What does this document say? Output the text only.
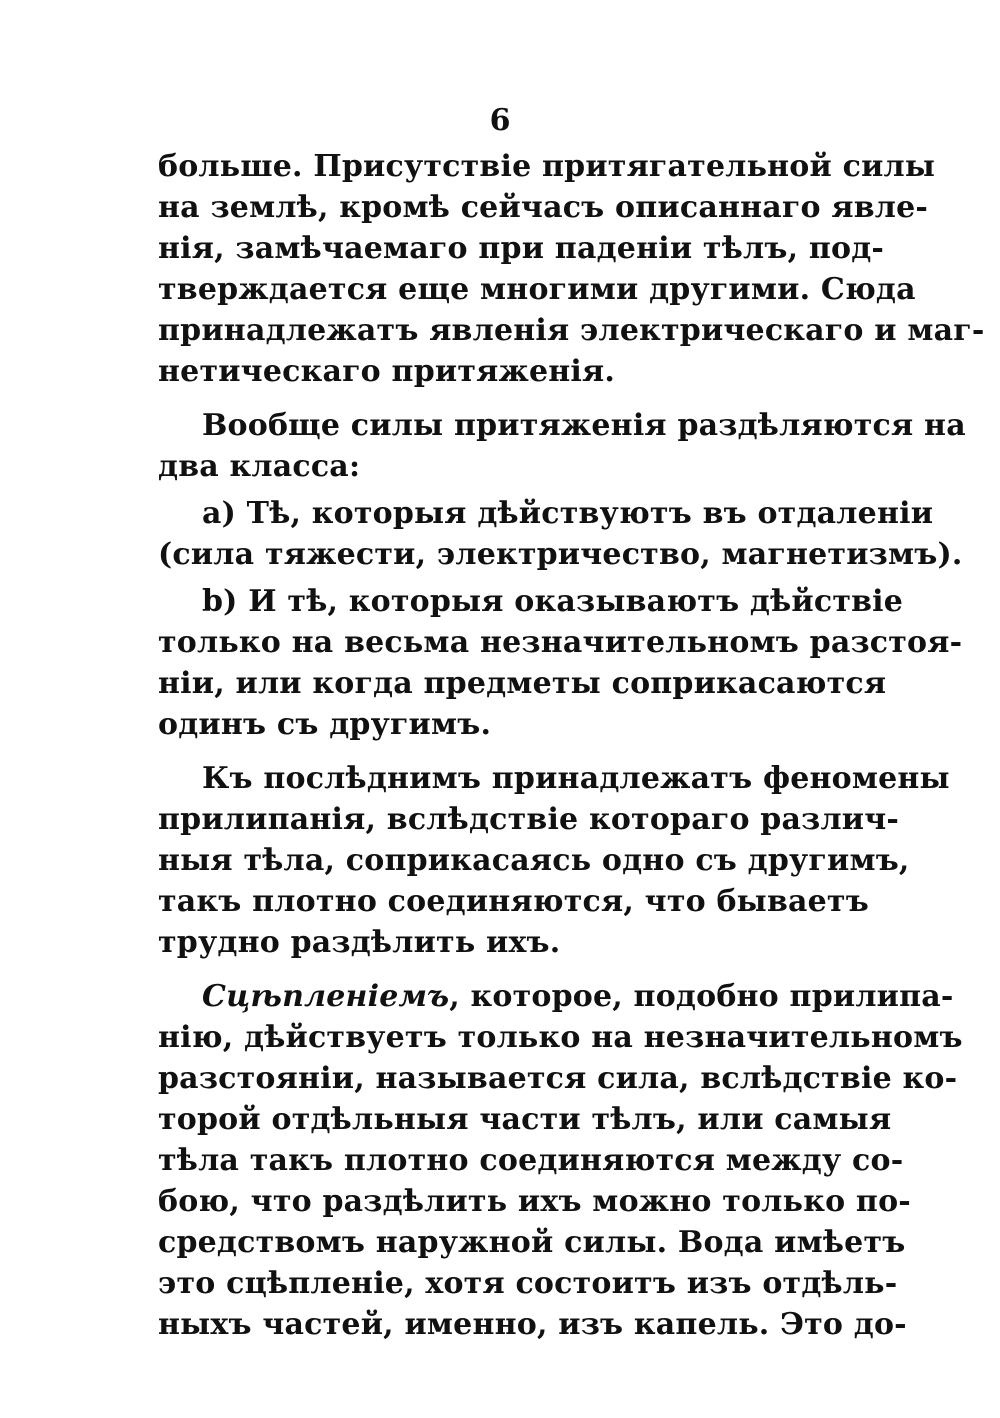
6
больше. Присутствіе притягательной силы
на землѣ, кромѣ сейчасъ описаннаго явле-
нія, замѣчаемаго при паденіи тѣлъ, под-
тверждается еще многими другими. Сюда
принадлежатъ явленія электрическаго и маг-
нетическаго притяженія.
Вообще силы притяженія раздѣляются на
два класса:
a) Тѣ, которыя дѣйствуютъ въ отдаленіи
(сила тяжести, электричество, магнетизмъ).
b) И тѣ, которыя оказываютъ дѣйствіе
только на весьма незначительномъ разстоя-
ніи, или когда предметы соприкасаются
одинъ съ другимъ.
Къ послѣднимъ принадлежатъ феномены
прилипанія, вслѣдствіе котораго различ-
ныя тѣла, соприкасаясь одно съ другимъ,
такъ плотно соединяются, что бываетъ
трудно раздѣлить ихъ.
Сцѣпленіемъ, которое, подобно прилипа-
нію, дѣйствуетъ только на незначительномъ
разстояніи, называется сила, вслѣдствіе ко-
торой отдѣльныя части тѣлъ, или самыя
тѣла такъ плотно соединяются между со-
бою, что раздѣлить ихъ можно только по-
средствомъ наружной силы. Вода имѣетъ
это сцѣпленіе, хотя состоитъ изъ отдѣль-
ныхъ частей, именно, изъ капель. Это до-
